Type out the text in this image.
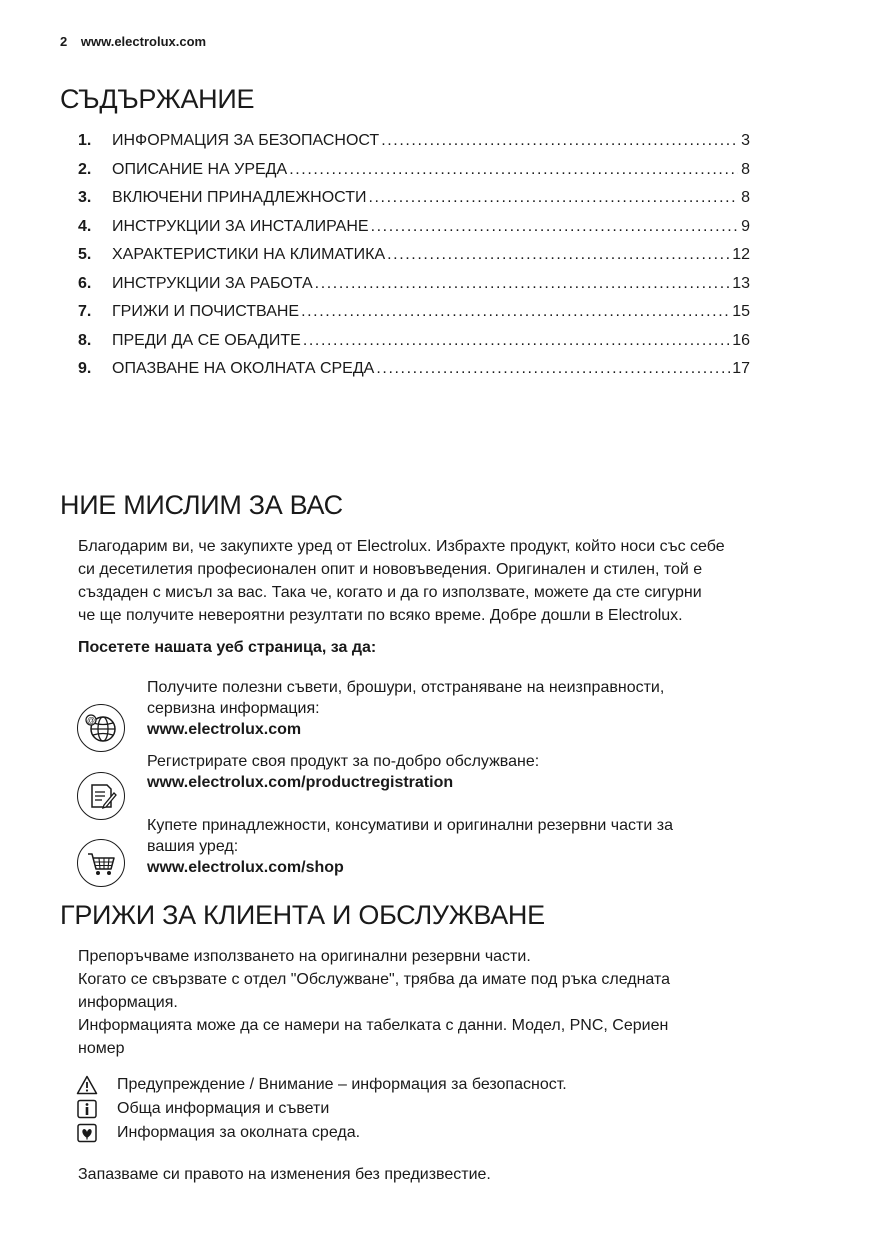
2 www.electrolux.com
СЪДЪРЖАНИЕ
1.	ИНФОРМАЦИЯ ЗА БЕЗОПАСНОСТ .....	3
2.	ОПИСАНИЕ НА УРЕДА .....	8
3.	ВКЛЮЧЕНИ ПРИНАДЛЕЖНОСТИ .....	8
4.	ИНСТРУКЦИИ ЗА ИНСТАЛИРАНЕ .....	9
5.	ХАРАКТЕРИСТИКИ НА КЛИМАТИКА .....	12
6.	ИНСТРУКЦИИ ЗА РАБОТА .....	13
7.	ГРИЖИ И ПОЧИСТВАНЕ .....	15
8.	ПРЕДИ ДА СЕ ОБАДИТЕ .....	16
9.	ОПАЗВАНЕ НА ОКОЛНАТА СРЕДА .....	17
НИЕ МИСЛИМ ЗА ВАС
Благодарим ви, че закупихте уред от Electrolux. Избрахте продукт, който носи със себе
си десетилетия професионален опит и нововъведения. Оригинален и стилен, той е
създаден с мисъл за вас. Така че, когато и да го използвате, можете да сте сигурни
че ще получите невероятни резултати по всяко време. Добре дошли в Electrolux.
Посетете нашата уеб страница, за да:
@
Получите полезни съвети, брошури, отстраняване на неизправности,
сервизна информация:
www.electrolux.com
Регистрирате своя продукт за по-добро обслужване:
www.electrolux.com/productregistration
Купете принадлежности, консумативи и оригинални резервни части за
вашия уред:
www.electrolux.com/shop
ГРИЖИ ЗА КЛИЕНТА И ОБСЛУЖВАНЕ
Препоръчваме използването на оригинални резервни части.
Когато се свързвате с отдел "Обслужване", трябва да имате под ръка следната
информация.
Информацията може да се намери на табелката с данни. Модел, PNC, Сериен
номер
Предупреждение / Внимание – информация за безопасност.
Обща информация и съвети
Информация за околната среда.
Запазваме си правото на изменения без предизвестие.
